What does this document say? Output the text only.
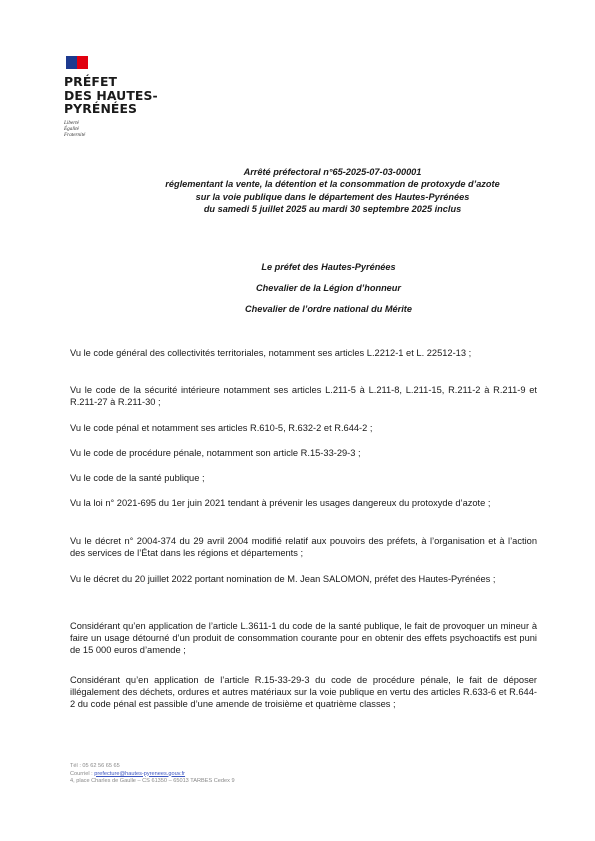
PRÉFET
DES HAUTES-
PYRÉNÉES
Liberté
Égalité
Fraternité
Arrêté préfectoral n°65-2025-07-03-00001
réglementant la vente, la détention et la consommation de protoxyde d’azote
sur la voie publique dans le département des Hautes-Pyrénées
du samedi 5 juillet 2025 au mardi 30 septembre 2025 inclus
Le préfet des Hautes-Pyrénées
Chevalier de la Légion d’honneur
Chevalier de l’ordre national du Mérite

Vu le code général des collectivités territoriales, notamment ses articles L.2212-1 et L. 22512-13 ;

Vu le code de la sécurité intérieure notamment ses articles L.211-5 à L.211-8, L.211-15, R.211-2 à R.211-9 et R.211-27 à R.211-30 ;

Vu le code pénal et notamment ses articles R.610-5, R.632-2 et R.644-2 ;

Vu le code de procédure pénale, notamment son article R.15-33-29-3 ;

Vu le code de la santé publique ;

Vu la loi n° 2021-695 du 1er juin 2021 tendant à prévenir les usages dangereux du protoxyde d’azote ;

Vu le décret n° 2004-374 du 29 avril 2004 modifié relatif aux pouvoirs des préfets, à l’organisation et à l’action des services de l’État dans les régions et départements ;

Vu le décret du 20 juillet 2022 portant nomination de M. Jean SALOMON, préfet des Hautes-Pyrénées ;

Considérant qu’en application de l’article L.3611-1 du code de la santé publique, le fait de provoquer un mineur à faire un usage détourné d’un produit de consommation courante pour en obtenir des effets psychoactifs est puni de 15 000 euros d’amende ;

Considérant qu’en application de l’article R.15-33-29-3 du code de procédure pénale, le fait de déposer illégalement des déchets, ordures et autres matériaux sur la voie publique en vertu des articles R.633-6 et R.644-2 du code pénal est passible d’une amende de troisième et quatrième classes ;

Tél : 05 62 56 65 65
Courriel : prefecture@hautes-pyrenees.gouv.fr
4, place Charles de Gaulle – CS 61350 – 65013 TARBES Cedex 9
